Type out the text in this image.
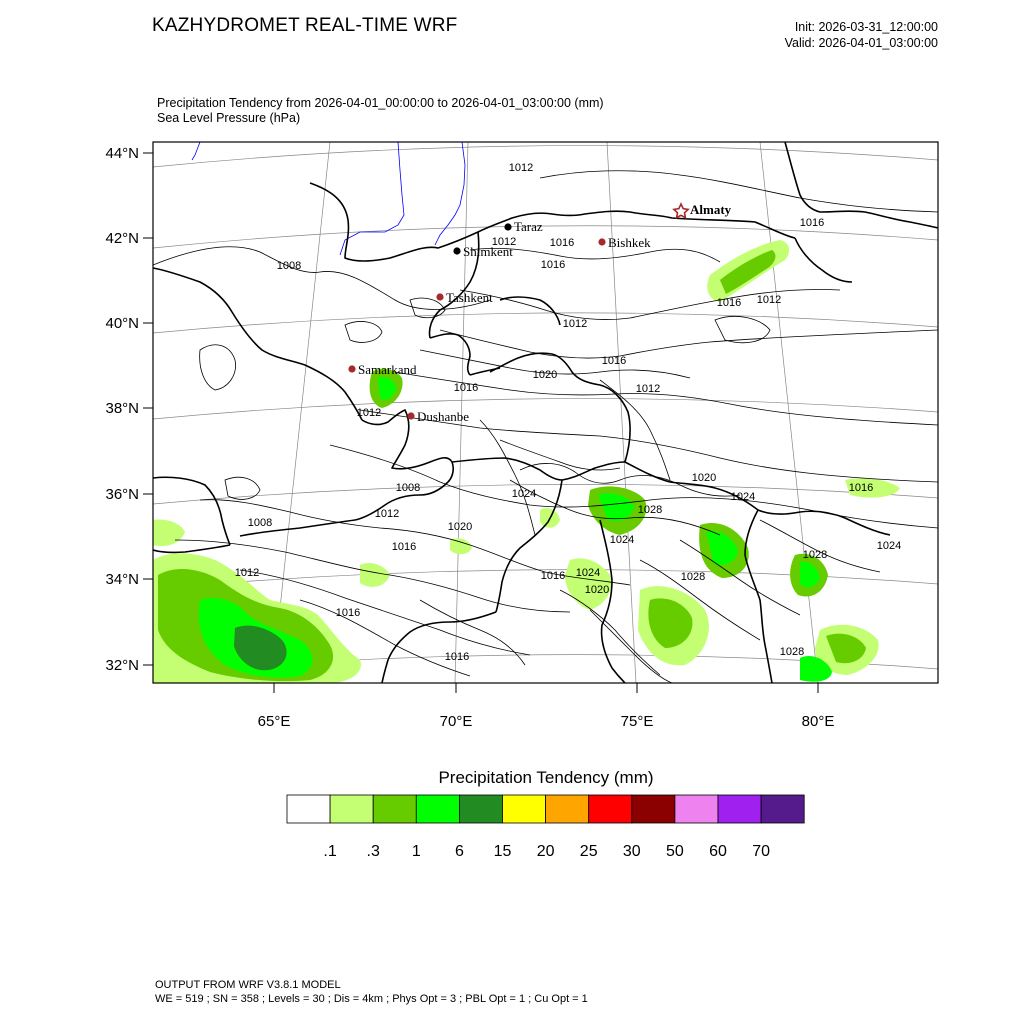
KAZHYDROMET REAL-TIME WRF	Init: 2026-03-31_12:00:00
Valid: 2026-04-01_03:00:00
Precipitation Tendency from 2026-04-01_00:00:00 to 2026-04-01_03:00:00 (mm)
Sea Level Pressure (hPa)
44°N
42°N
40°N
38°N
36°N
34°N
32°N
65°E	70°E	75°E	80°E
1012
1008
1012	1016
1016
1012
1016 1012
1016
1012
1016
1020
1012
1016
1008
1008
1012
1024
1020
1016
1028
1020
1024
1016
1012	1016
1024
1020
1016
1024
1028
1028
1024
1016	1028
Almaty
Taraz
Bishkek
Shimkent
Tashkent
Samarkand
Dushanbe
Precipitation Tendency (mm)
.1 .3 1 6 15 20 25 30 50 60 70
OUTPUT FROM WRF V3.8.1 MODEL
WE = 519 ; SN = 358 ; Levels = 30 ; Dis = 4km ; Phys Opt = 3 ; PBL Opt = 1 ; Cu Opt = 1
